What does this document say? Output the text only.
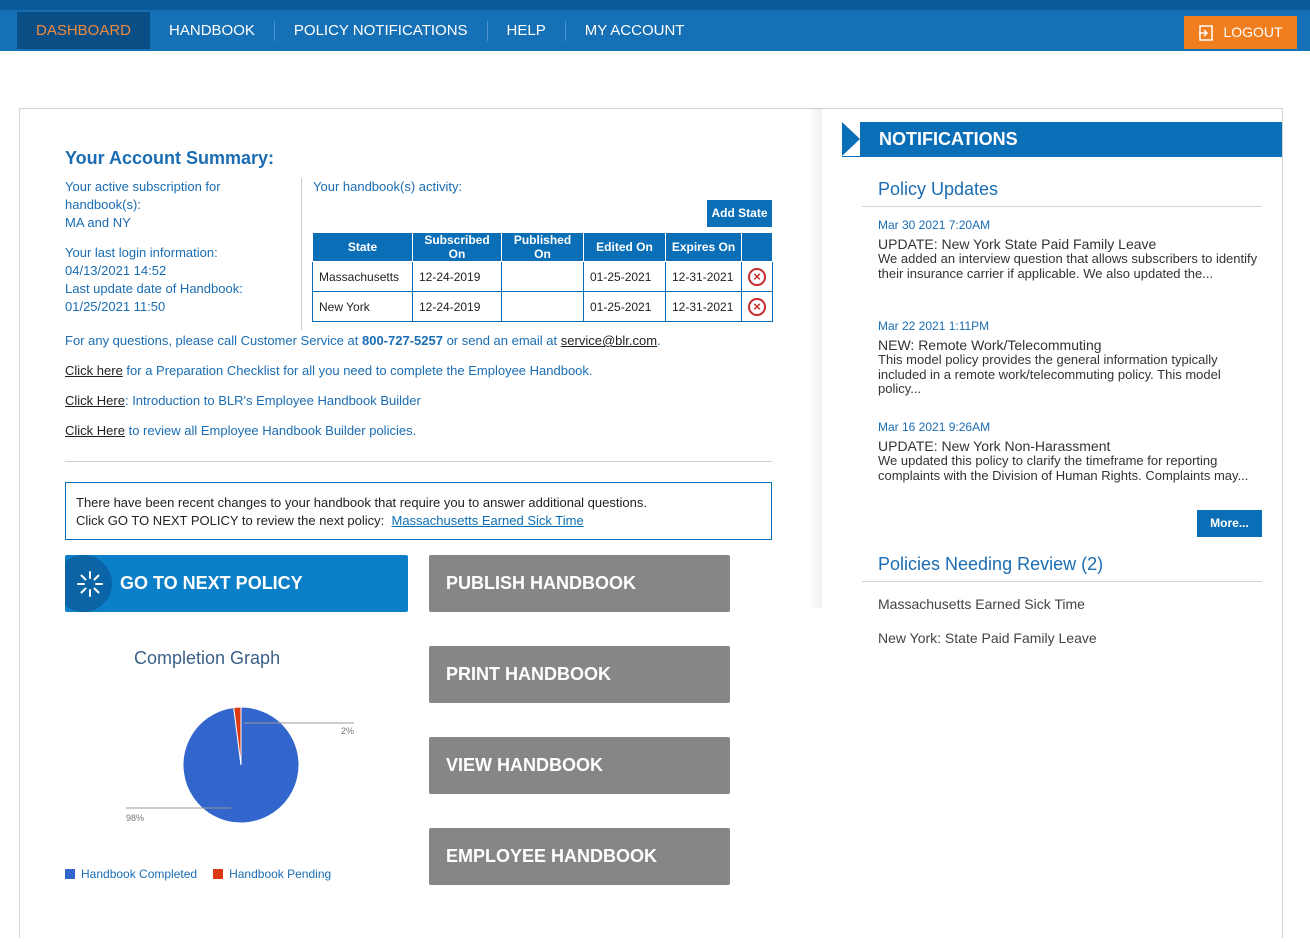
DASHBOARD	HANDBOOK	POLICY NOTIFICATIONS	HELP	MY ACCOUNT	LOGOUT
Your Account Summary:
Your active subscription for handbook(s):
MA and NY
Your last login information:
04/13/2021 14:52
Last update date of Handbook:
01/25/2021 11:50
Your handbook(s) activity:
Add State
State	Subscribed On	Published On	Edited On	Expires On	
Massachusetts	12-24-2019		01-25-2021	12-31-2021	×

New York	12-24-2019		01-25-2021	12-31-2021	×
For any questions, please call Customer Service at 800-727-5257 or send an email at service@blr.com.
Click here for a Preparation Checklist for all you need to complete the Employee Handbook.
Click Here: Introduction to BLR's Employee Handbook Builder
Click Here to review all Employee Handbook Builder policies.
There have been recent changes to your handbook that require you to answer additional questions.
Click GO TO NEXT POLICY to review the next policy: Massachusetts Earned Sick Time
GO TO NEXT POLICY	PUBLISH HANDBOOK
PRINT HANDBOOK
VIEW HANDBOOK
EMPLOYEE HANDBOOK ACCESS
Completion Graph
98%
2%
Handbook Completed	Handbook Pending
NOTIFICATIONS
Policy Updates
Mar 30 2021 7:20AM
UPDATE: New York State Paid Family Leave
We added an interview question that allows subscribers to identify their insurance carrier if applicable. We also updated the...
Mar 22 2021 1:11PM
NEW: Remote Work/Telecommuting
This model policy provides the general information typically included in a remote work/telecommuting policy. This model policy...
Mar 16 2021 9:26AM
UPDATE: New York Non-Harassment
We updated this policy to clarify the timeframe for reporting complaints with the Division of Human Rights. Complaints may...
More...
Policies Needing Review (2)
Massachusetts Earned Sick Time
New York: State Paid Family Leave
